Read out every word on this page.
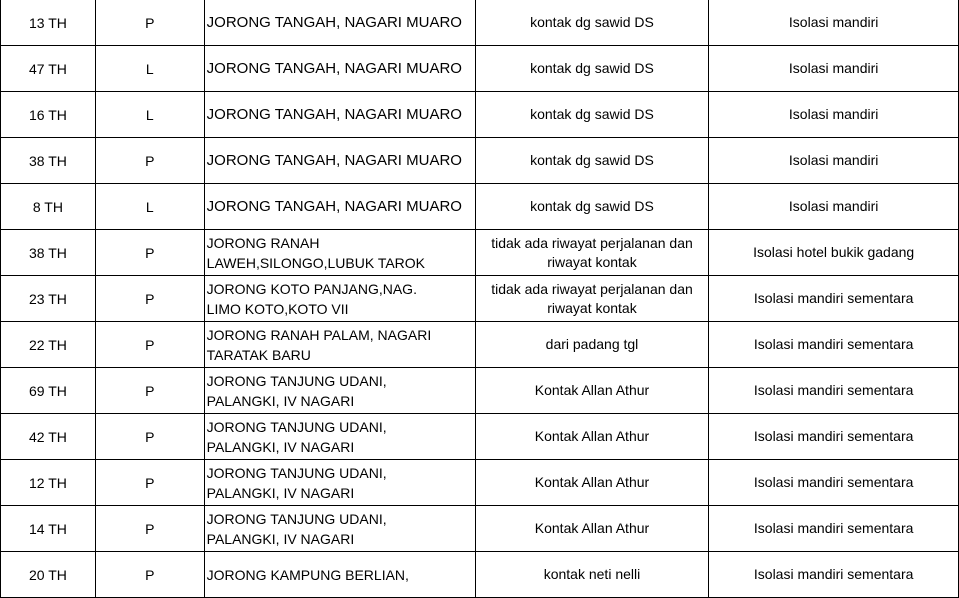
13 TH	P	JORONG TANGAH, NAGARI MUARO	kontak dg sawid DS	Isolasi mandiri
47 TH	L	JORONG TANGAH, NAGARI MUARO	kontak dg sawid DS	Isolasi mandiri
16 TH	L	JORONG TANGAH, NAGARI MUARO	kontak dg sawid DS	Isolasi mandiri
38 TH	P	JORONG TANGAH, NAGARI MUARO	kontak dg sawid DS	Isolasi mandiri
8 TH	L	JORONG TANGAH, NAGARI MUARO	kontak dg sawid DS	Isolasi mandiri
38 TH	P	JORONG RANAH
LAWEH,SILONGO,LUBUK TAROK	tidak ada riwayat perjalanan dan
riwayat kontak	Isolasi hotel bukik gadang
23 TH	P	JORONG KOTO PANJANG,NAG.
LIMO KOTO,KOTO VII	tidak ada riwayat perjalanan dan
riwayat kontak	Isolasi mandiri sementara
22 TH	P	JORONG RANAH PALAM, NAGARI
TARATAK BARU	dari padang tgl	Isolasi mandiri sementara
69 TH	P	JORONG TANJUNG UDANI,
PALANGKI, IV NAGARI	Kontak Allan Athur	Isolasi mandiri sementara
42 TH	P	JORONG TANJUNG UDANI,
PALANGKI, IV NAGARI	Kontak Allan Athur	Isolasi mandiri sementara
12 TH	P	JORONG TANJUNG UDANI,
PALANGKI, IV NAGARI	Kontak Allan Athur	Isolasi mandiri sementara
14 TH	P	JORONG TANJUNG UDANI,
PALANGKI, IV NAGARI	Kontak Allan Athur	Isolasi mandiri sementara
20 TH	P	JORONG KAMPUNG BERLIAN,	kontak neti nelli	Isolasi mandiri sementara
